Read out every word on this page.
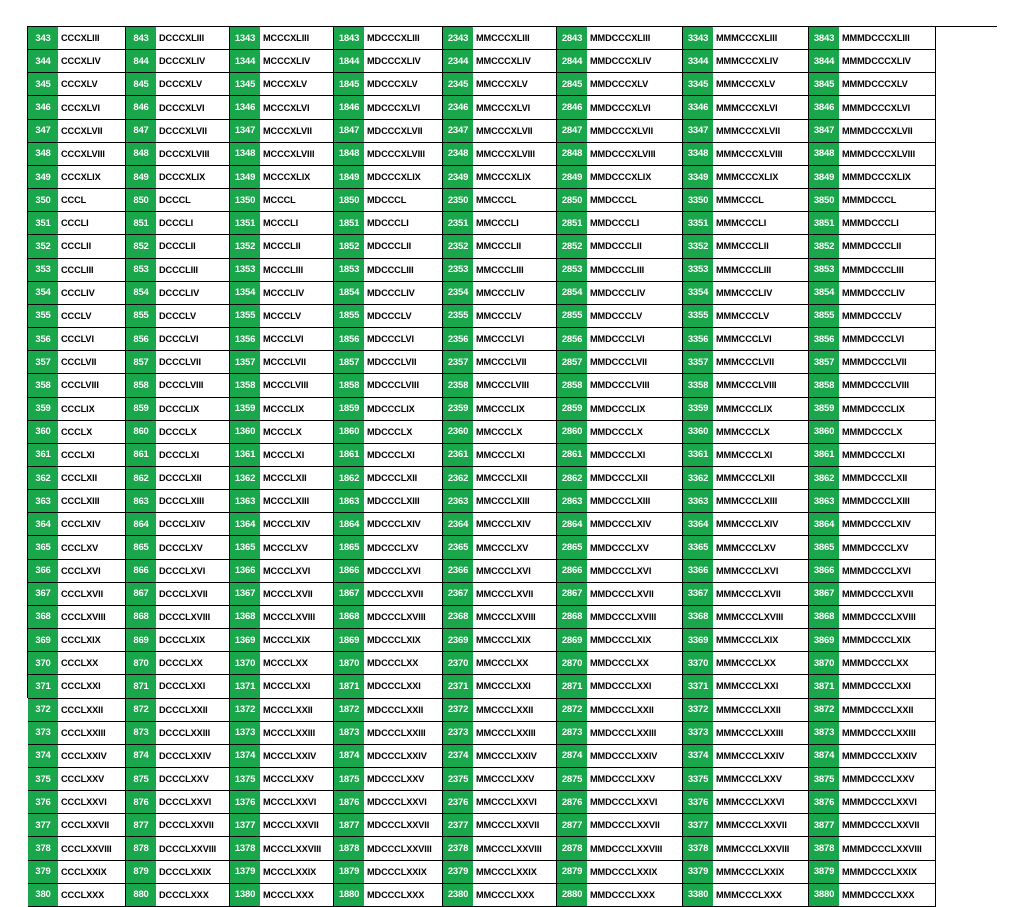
343	CCCXLIII	843	DCCCXLIII	1343 MCCCXLIII	1843 MDCCCXLIII	2343 MMCCCXLIII	2843 MMDCCCXLIII	3343 MMMCCCXLIII	3843 MMMDCCCXLIII
344	CCCXLIV	844	DCCCXLIV	1344 MCCCXLIV	1844 MDCCCXLIV	2344 MMCCCXLIV	2844 MMDCCCXLIV	3344 MMMCCCXLIV	3844 MMMDCCCXLIV
345	CCCXLV	845	DCCCXLV	1345 MCCCXLV	1845 MDCCCXLV	2345 MMCCCXLV	2845 MMDCCCXLV	3345 MMMCCCXLV	3845 MMMDCCCXLV
346	CCCXLVI	846	DCCCXLVI	1346 MCCCXLVI	1846 MDCCCXLVI	2346 MMCCCXLVI	2846 MMDCCCXLVI	3346 MMMCCCXLVI	3846 MMMDCCCXLVI
347	CCCXLVII	847	DCCCXLVII	1347 MCCCXLVII	1847 MDCCCXLVII	2347 MMCCCXLVII	2847 MMDCCCXLVII	3347 MMMCCCXLVII	3847 MMMDCCCXLVII
348	CCCXLVIII	848	DCCCXLVIII	1348 MCCCXLVIII	1848 MDCCCXLVIII	2348 MMCCCXLVIII	2848 MMDCCCXLVIII	3348 MMMCCCXLVIII	3848 MMMDCCCXLVIII
349	CCCXLIX	849	DCCCXLIX	1349 MCCCXLIX	1849 MDCCCXLIX	2349 MMCCCXLIX	2849 MMDCCCXLIX	3349 MMMCCCXLIX	3849 MMMDCCCXLIX
350	CCCL	850	DCCCL	1350 MCCCL	1850 MDCCCL	2350 MMCCCL	2850 MMDCCCL	3350 MMMCCCL	3850 MMMDCCCL
351	CCCLI	851	DCCCLI	1351 MCCCLI	1851 MDCCCLI	2351 MMCCCLI	2851 MMDCCCLI	3351 MMMCCCLI	3851 MMMDCCCLI
352	CCCLII	852	DCCCLII	1352 MCCCLII	1852 MDCCCLII	2352 MMCCCLII	2852 MMDCCCLII	3352 MMMCCCLII	3852 MMMDCCCLII
353	CCCLIII	853	DCCCLIII	1353 MCCCLIII	1853 MDCCCLIII	2353 MMCCCLIII	2853 MMDCCCLIII	3353 MMMCCCLIII	3853 MMMDCCCLIII
354	CCCLIV	854	DCCCLIV	1354 MCCCLIV	1854 MDCCCLIV	2354 MMCCCLIV	2854 MMDCCCLIV	3354 MMMCCCLIV	3854 MMMDCCCLIV
355	CCCLV	855	DCCCLV	1355 MCCCLV	1855 MDCCCLV	2355 MMCCCLV	2855 MMDCCCLV	3355 MMMCCCLV	3855 MMMDCCCLV
356	CCCLVI	856	DCCCLVI	1356 MCCCLVI	1856 MDCCCLVI	2356 MMCCCLVI	2856 MMDCCCLVI	3356 MMMCCCLVI	3856 MMMDCCCLVI
357	CCCLVII	857	DCCCLVII	1357 MCCCLVII	1857 MDCCCLVII	2357 MMCCCLVII	2857 MMDCCCLVII	3357 MMMCCCLVII	3857 MMMDCCCLVII
358	CCCLVIII	858	DCCCLVIII	1358 MCCCLVIII	1858 MDCCCLVIII	2358 MMCCCLVIII	2858 MMDCCCLVIII	3358 MMMCCCLVIII	3858 MMMDCCCLVIII
359	CCCLIX	859	DCCCLIX	1359 MCCCLIX	1859 MDCCCLIX	2359 MMCCCLIX	2859 MMDCCCLIX	3359 MMMCCCLIX	3859 MMMDCCCLIX
360	CCCLX	860	DCCCLX	1360 MCCCLX	1860 MDCCCLX	2360 MMCCCLX	2860 MMDCCCLX	3360 MMMCCCLX	3860 MMMDCCCLX
361	CCCLXI	861	DCCCLXI	1361 MCCCLXI	1861 MDCCCLXI	2361 MMCCCLXI	2861 MMDCCCLXI	3361 MMMCCCLXI	3861 MMMDCCCLXI
362	CCCLXII	862	DCCCLXII	1362 MCCCLXII	1862 MDCCCLXII	2362 MMCCCLXII	2862 MMDCCCLXII	3362 MMMCCCLXII	3862 MMMDCCCLXII
363	CCCLXIII	863	DCCCLXIII	1363 MCCCLXIII	1863 MDCCCLXIII	2363 MMCCCLXIII	2863 MMDCCCLXIII	3363 MMMCCCLXIII	3863 MMMDCCCLXIII
364	CCCLXIV	864	DCCCLXIV	1364 MCCCLXIV	1864 MDCCCLXIV	2364 MMCCCLXIV	2864 MMDCCCLXIV	3364 MMMCCCLXIV	3864 MMMDCCCLXIV
365	CCCLXV	865	DCCCLXV	1365 MCCCLXV	1865 MDCCCLXV	2365 MMCCCLXV	2865 MMDCCCLXV	3365 MMMCCCLXV	3865 MMMDCCCLXV
366	CCCLXVI	866	DCCCLXVI	1366 MCCCLXVI	1866 MDCCCLXVI	2366 MMCCCLXVI	2866 MMDCCCLXVI	3366 MMMCCCLXVI	3866 MMMDCCCLXVI
367	CCCLXVII	867	DCCCLXVII	1367 MCCCLXVII	1867 MDCCCLXVII	2367 MMCCCLXVII	2867 MMDCCCLXVII	3367 MMMCCCLXVII	3867 MMMDCCCLXVII
368	CCCLXVIII	868	DCCCLXVIII	1368 MCCCLXVIII	1868 MDCCCLXVIII	2368 MMCCCLXVIII	2868 MMDCCCLXVIII	3368 MMMCCCLXVIII	3868 MMMDCCCLXVIII
369	CCCLXIX	869	DCCCLXIX	1369 MCCCLXIX	1869 MDCCCLXIX	2369 MMCCCLXIX	2869 MMDCCCLXIX	3369 MMMCCCLXIX	3869 MMMDCCCLXIX
370	CCCLXX	870	DCCCLXX	1370 MCCCLXX	1870 MDCCCLXX	2370 MMCCCLXX	2870 MMDCCCLXX	3370 MMMCCCLXX	3870 MMMDCCCLXX
371	CCCLXXI	871	DCCCLXXI	1371 MCCCLXXI	1871 MDCCCLXXI	2371 MMCCCLXXI	2871 MMDCCCLXXI	3371 MMMCCCLXXI	3871 MMMDCCCLXXI
372	CCCLXXII	872	DCCCLXXII	1372 MCCCLXXII	1872 MDCCCLXXII	2372 MMCCCLXXII	2872 MMDCCCLXXII	3372 MMMCCCLXXII	3872 MMMDCCCLXXII
373	CCCLXXIII	873	DCCCLXXIII	1373 MCCCLXXIII	1873 MDCCCLXXIII	2373 MMCCCLXXIII	2873 MMDCCCLXXIII	3373 MMMCCCLXXIII	3873 MMMDCCCLXXIII
374	CCCLXXIV	874	DCCCLXXIV	1374 MCCCLXXIV	1874 MDCCCLXXIV	2374 MMCCCLXXIV	2874 MMDCCCLXXIV	3374 MMMCCCLXXIV	3874 MMMDCCCLXXIV
375	CCCLXXV	875	DCCCLXXV	1375 MCCCLXXV	1875 MDCCCLXXV	2375 MMCCCLXXV	2875 MMDCCCLXXV	3375 MMMCCCLXXV	3875 MMMDCCCLXXV
376	CCCLXXVI	876	DCCCLXXVI	1376 MCCCLXXVI	1876 MDCCCLXXVI	2376 MMCCCLXXVI	2876 MMDCCCLXXVI	3376 MMMCCCLXXVI	3876 MMMDCCCLXXVI
377	CCCLXXVII	877	DCCCLXXVII	1377 MCCCLXXVII	1877 MDCCCLXXVII	2377 MMCCCLXXVII	2877 MMDCCCLXXVII	3377 MMMCCCLXXVII	3877 MMMDCCCLXXVII
378	CCCLXXVIII	878	DCCCLXXVIII	1378 MCCCLXXVIII	1878 MDCCCLXXVIII	2378 MMCCCLXXVIII	2878 MMDCCCLXXVIII	3378 MMMCCCLXXVIII	3878 MMMDCCCLXXVIII
379	CCCLXXIX	879	DCCCLXXIX	1379 MCCCLXXIX	1879 MDCCCLXXIX	2379 MMCCCLXXIX	2879 MMDCCCLXXIX	3379 MMMCCCLXXIX	3879 MMMDCCCLXXIX
380	CCCLXXX	880	DCCCLXXX	1380 MCCCLXXX	1880 MDCCCLXXX	2380 MMCCCLXXX	2880 MMDCCCLXXX	3380 MMMCCCLXXX	3880 MMMDCCCLXXX
